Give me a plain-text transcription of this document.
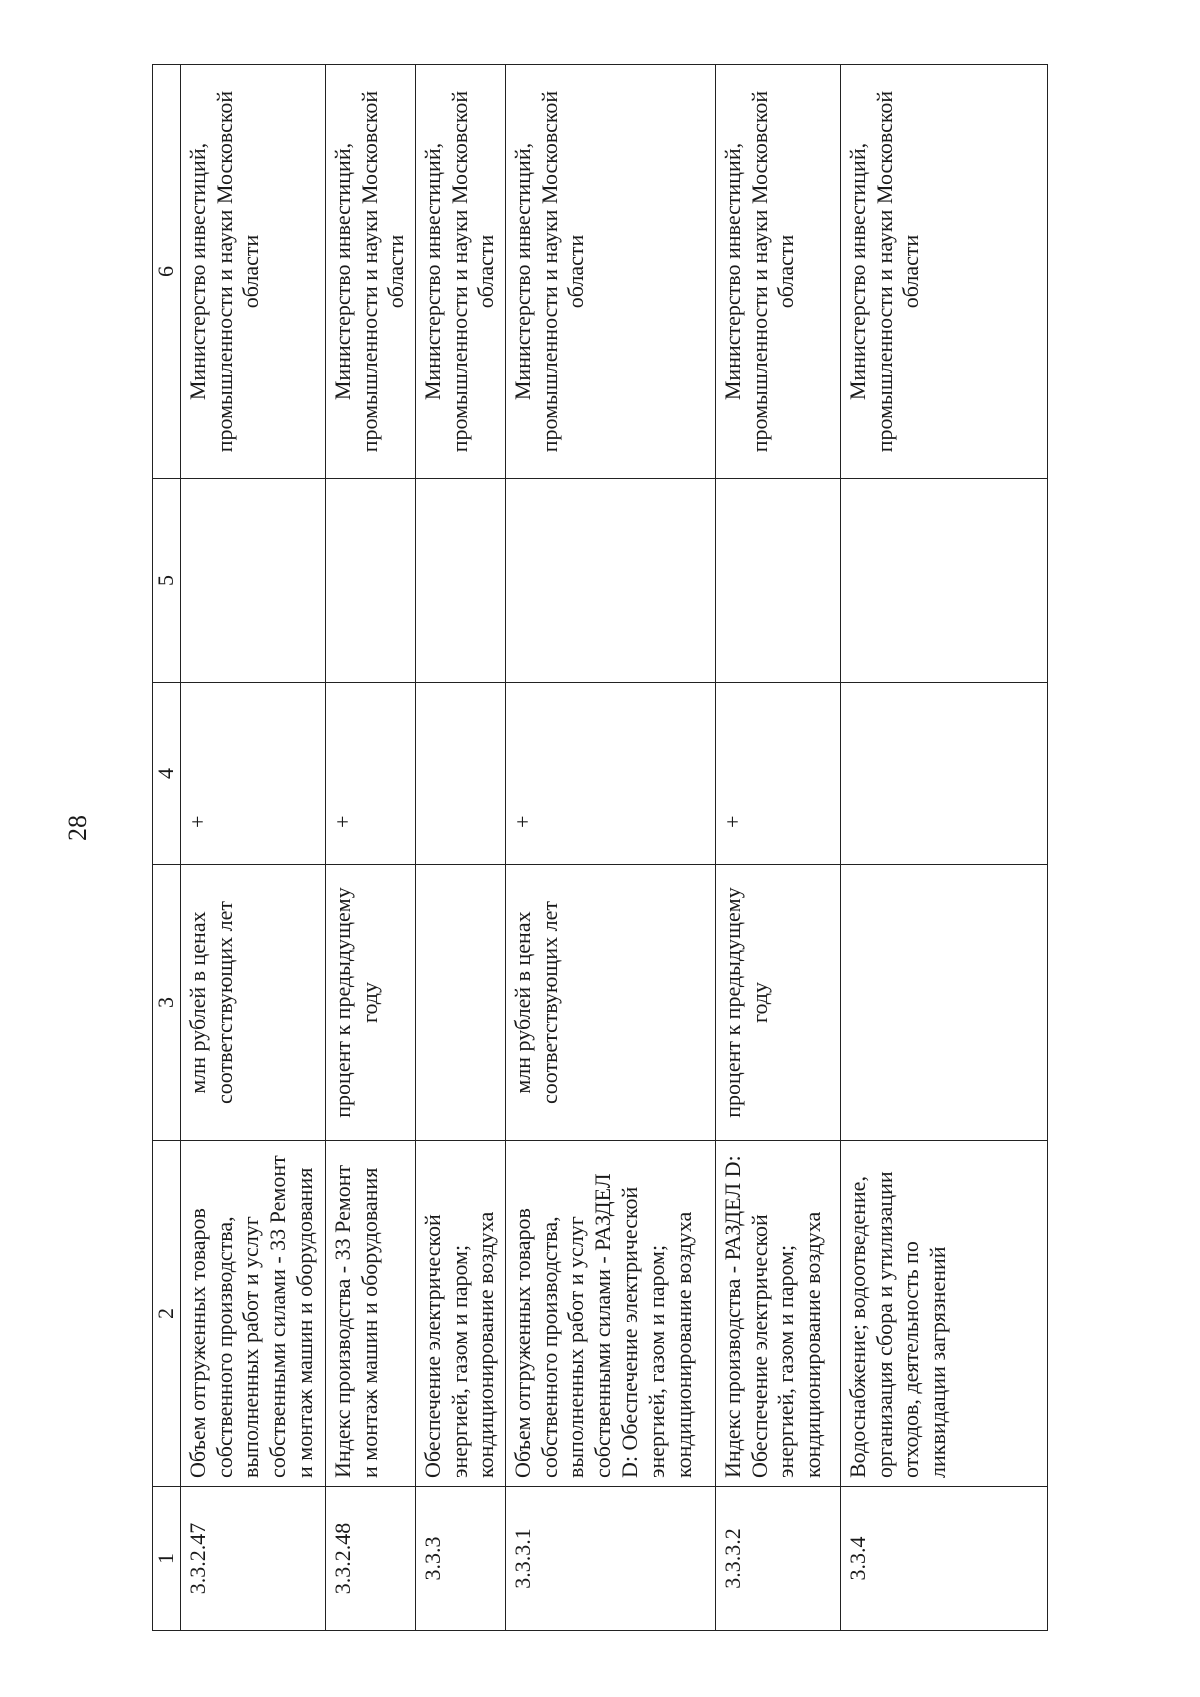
28
1	2	3	4	5	6
3.3.2.47	Объем отгруженных товаров собственного производства, выполненных работ и услуг собственными силами - 33 Ремонт и монтаж машин и оборудования	млн рублей в ценах соответствующих лет	+		Министерство инвестиций, промышленности и науки Московской области
3.3.2.48	Индекс производства - 33 Ремонт и монтаж машин и оборудования	процент к предыдущему году	+		Министерство инвестиций, промышленности и науки Московской области
3.3.3	Обеспечение электрической энергией, газом и паром; кондиционирование воздуха				Министерство инвестиций, промышленности и науки Московской области
3.3.3.1	Объем отгруженных товаров собственного производства, выполненных работ и услуг собственными силами - РАЗДЕЛ D: Обеспечение электрической энергией, газом и паром; кондиционирование воздуха	млн рублей в ценах соответствующих лет	+		Министерство инвестиций, промышленности и науки Московской области
3.3.3.2	Индекс производства - РАЗДЕЛ D: Обеспечение электрической энергией, газом и паром; кондиционирование воздуха	процент к предыдущему году	+		Министерство инвестиций, промышленности и науки Московской области
3.3.4	Водоснабжение; водоотведение, организация сбора и утилизации отходов, деятельность по ликвидации загрязнений				Министерство инвестиций, промышленности и науки Московской области
